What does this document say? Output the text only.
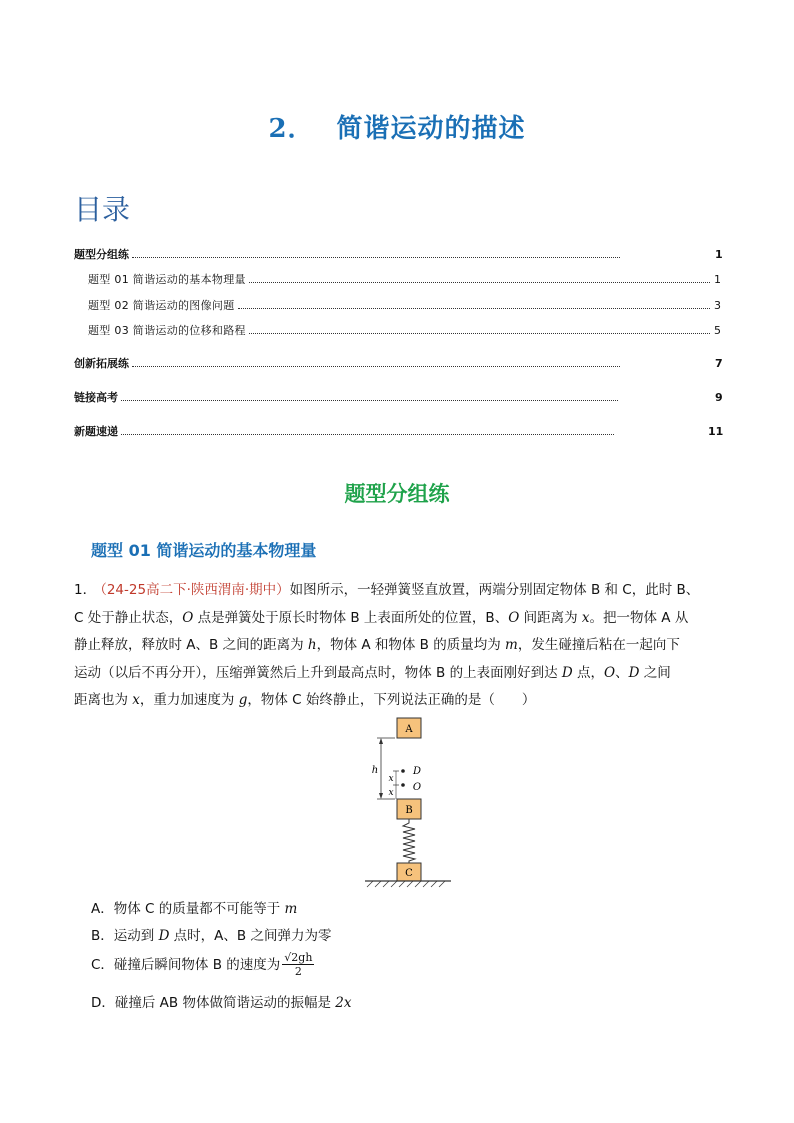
2． 简谐运动的描述
目录
题型分组练	1
题型 01 简谐运动的基本物理量	1
题型 02 简谐运动的图像问题	3
题型 03 简谐运动的位移和路程	5
创新拓展练	7
链接高考	9
新题速递	11
题型分组练
题型 01 简谐运动的基本物理量
1． （24-25高二下·陕西渭南·期中）如图所示，一轻弹簧竖直放置，两端分别固定物体 B 和 C，此时 B、
C 处于静止状态，O 点是弹簧处于原长时物体 B 上表面所处的位置，B、O 间距离为 x。把一物体 A 从
静止释放，释放时 A、B 之间的距离为 h，物体 A 和物体 B 的质量均为 m，发生碰撞后粘在一起向下
运动（以后不再分开），压缩弹簧然后上升到最高点时，物体 B 的上表面刚好到达 D 点，O、D 之间
距离也为 x，重力加速度为 g，物体 C 始终静止，下列说法正确的是（　　）
A
h
x
x
D
O
B
C
A．物体 C 的质量都不可能等于 m
B．运动到 D 点时，A、B 之间弹力为零
C．碰撞后瞬间物体 B 的速度为 $\frac{√2gh}{2}$
D．碰撞后 AB 物体做简谐运动的振幅是 2x
